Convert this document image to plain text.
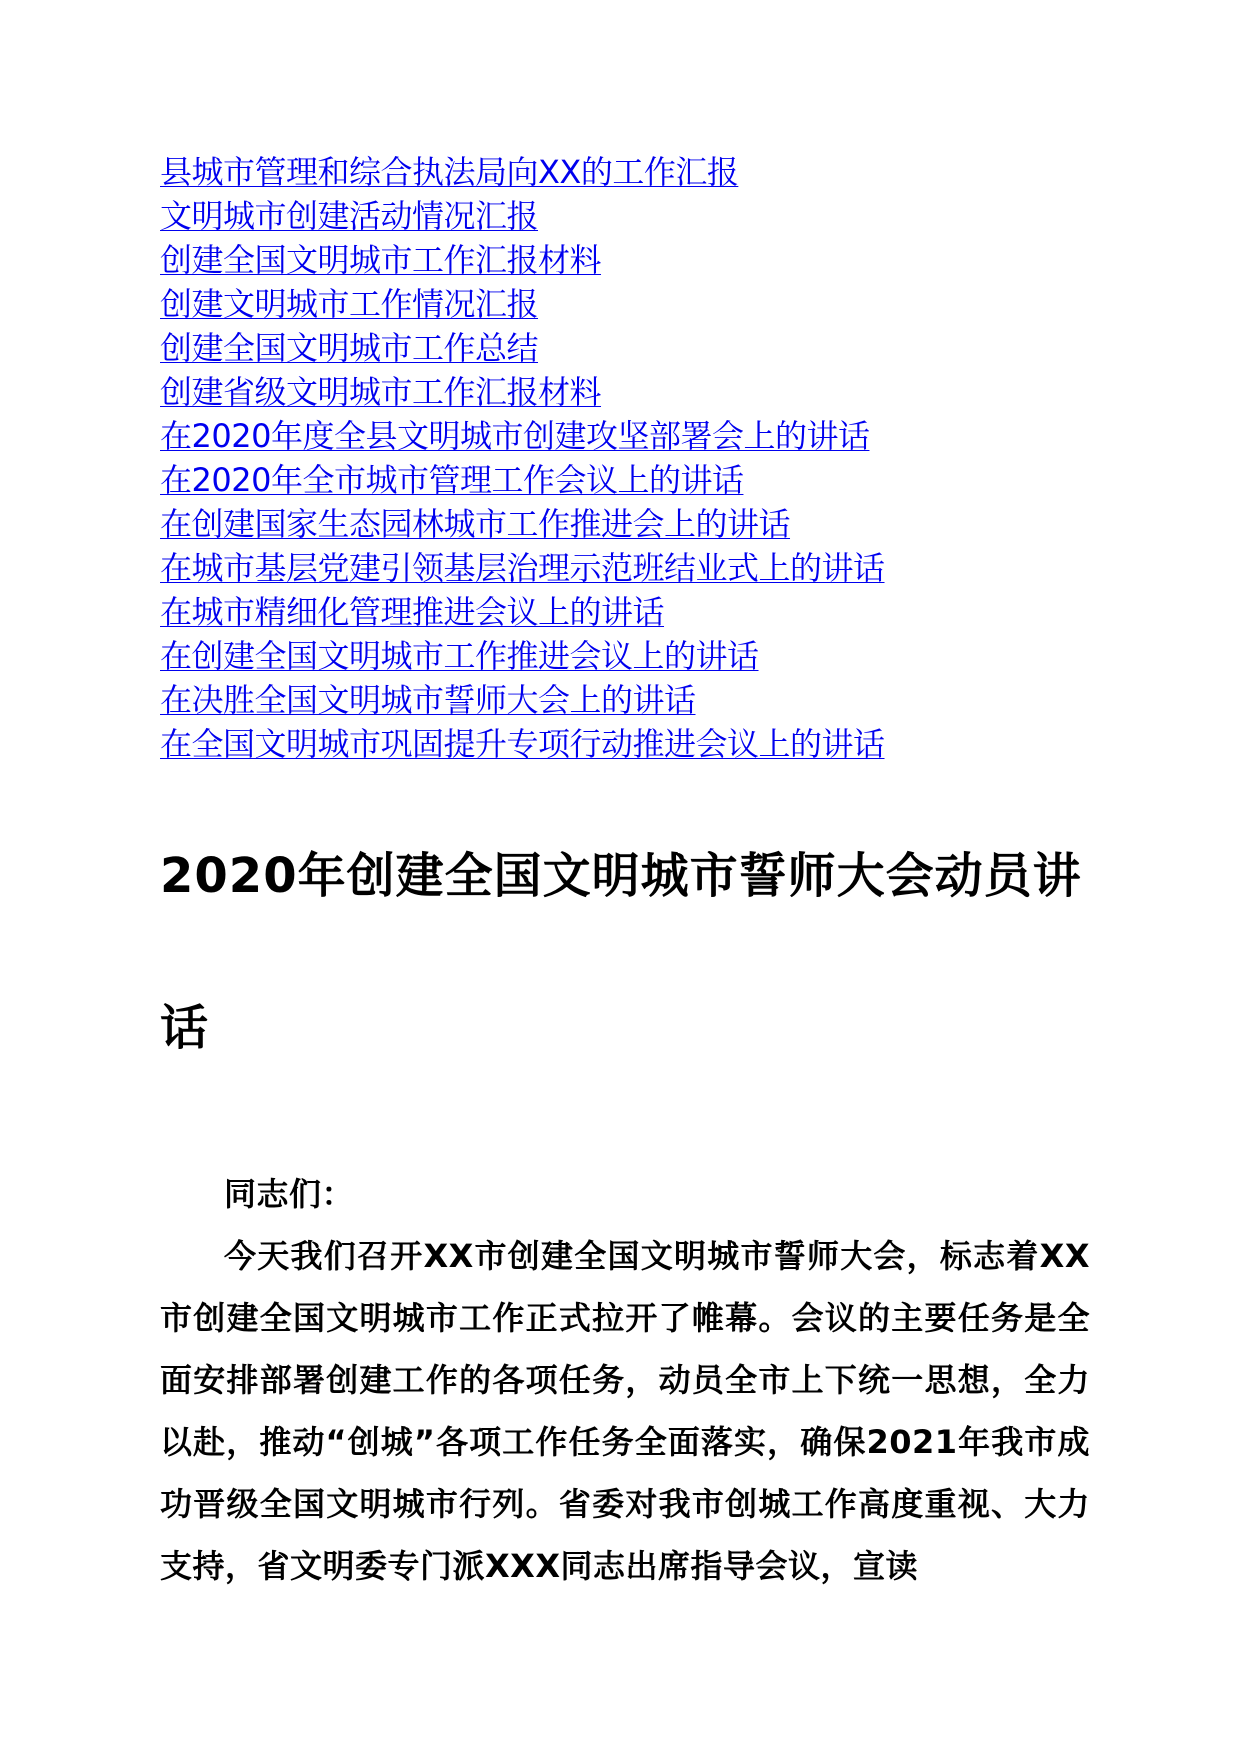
县城市管理和综合执法局向XX的工作汇报
文明城市创建活动情况汇报
创建全国文明城市工作汇报材料
创建文明城市工作情况汇报
创建全国文明城市工作总结
创建省级文明城市工作汇报材料
在2020年度全县文明城市创建攻坚部署会上的讲话
在2020年全市城市管理工作会议上的讲话
在创建国家生态园林城市工作推进会上的讲话
在城市基层党建引领基层治理示范班结业式上的讲话
在城市精细化管理推进会议上的讲话
在创建全国文明城市工作推进会议上的讲话
在决胜全国文明城市誓师大会上的讲话
在全国文明城市巩固提升专项行动推进会议上的讲话
2020年创建全国文明城市誓师大会动员讲话

同志们：

今天我们召开XX市创建全国文明城市誓师大会，标志着XX市创建全国文明城市工作正式拉开了帷幕。会议的主要任务是全面安排部署创建工作的各项任务，动员全市上下统一思想，全力以赴，推动“创城”各项工作任务全面落实，确保2021年我市成功晋级全国文明城市行列。省委对我市创城工作高度重视、大力支持，省文明委专门派XXX同志出席指导会议，宣读
